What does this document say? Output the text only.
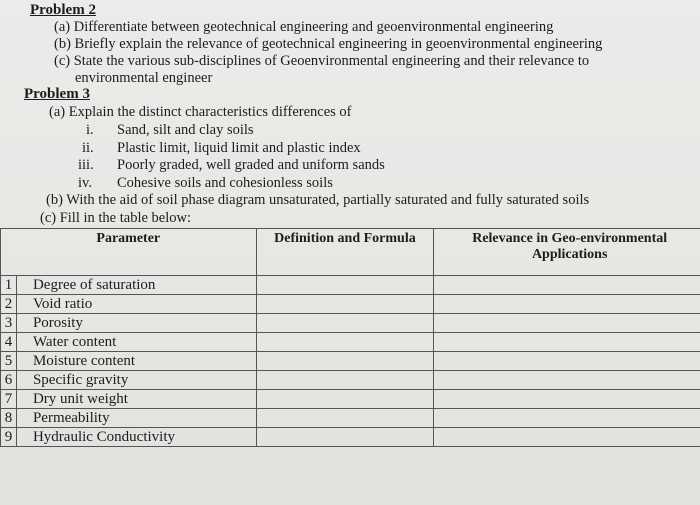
Problem 2
(a) Differentiate between geotechnical engineering and geoenvironmental engineering
(b) Briefly explain the relevance of geotechnical engineering in geoenvironmental engineering
(c) State the various sub-disciplines of Geoenvironmental engineering and their relevance to
environmental engineer
Problem 3
(a) Explain the distinct characteristics differences of
i. Sand, silt and clay soils
ii. Plastic limit, liquid limit and plastic index
iii. Poorly graded, well graded and uniform sands
iv. Cohesive soils and cohesionless soils
(b) With the aid of soil phase diagram unsaturated, partially saturated and fully saturated soils
(c) Fill in the table below:
Parameter		Definition and Formula	Relevance in Geo-environmental
Applications

1	Degree of saturation		
2	Void ratio		
3	Porosity		
4	Water content		
5	Moisture content		
6	Specific gravity		
7	Dry unit weight		
8	Permeability		
9	Hydraulic Conductivity		
